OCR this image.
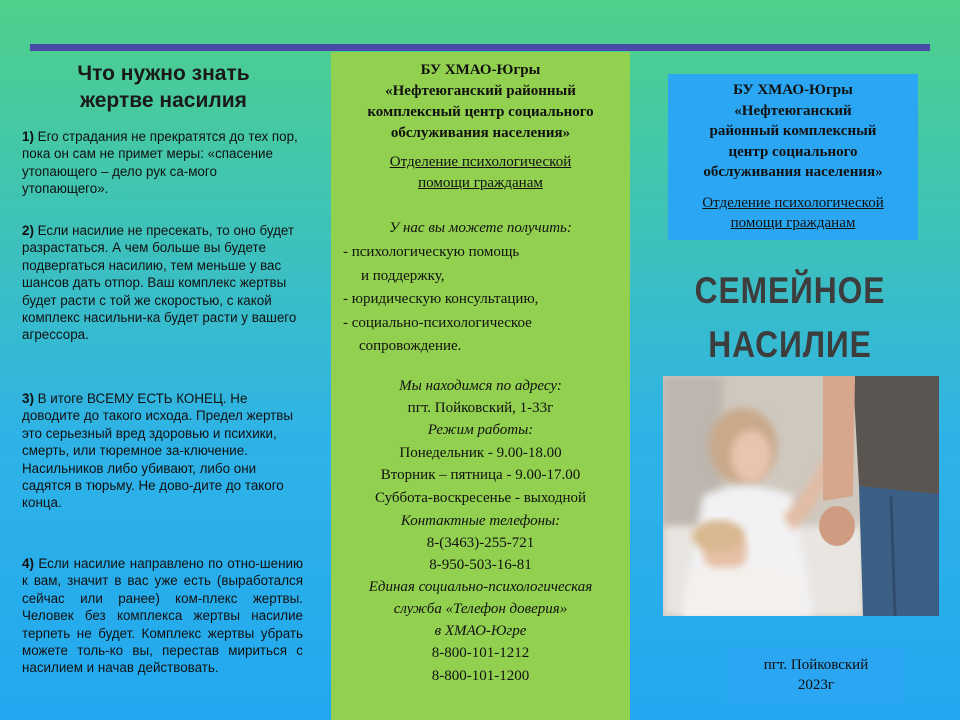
Что нужно знать
жертве насилия
1) Его страдания не прекратятся до тех пор, пока он сам не примет меры: «спасение утопающего – дело рук са-мого утопающего».
2) Если насилие не пресекать, то оно будет разрастаться. А чем больше вы будете подвергаться насилию, тем меньше у вас шансов дать отпор. Ваш комплекс жертвы будет расти с той же скоростью, с какой комплекс насильни-ка будет расти у вашего агрессора.
3) В итоге ВСЕМУ ЕСТЬ КОНЕЦ. Не доводите до такого исхода. Предел жертвы это серьезный вред здоровью и психики, смерть, или тюремное за-ключение. Насильников либо убивают, либо они садятся в тюрьму. Не дово-дите до такого конца.
4) Если насилие направлено по отно-шению к вам, значит в вас уже есть (выработался сейчас или ранее) ком-плекс жертвы. Человек без комплекса жертвы насилие терпеть не будет. Комплекс жертвы убрать можете толь-ко вы, перестав мириться с насилием и начав действовать.
БУ ХМАО-Югры
«Нефтеюганский районный
комплексный центр социального
обслуживания населения»
Отделение психологической
помощи гражданам
У нас вы можете получить:
- психологическую помощь
и поддержку,
- юридическую консультацию,
- социально-психологическое
сопровождение.
Мы находимся по адресу:
пгт. Пойковский, 1-33г
Режим работы:
Понедельник - 9.00-18.00
Вторник – пятница - 9.00-17.00
Суббота-воскресенье - выходной
Контактные телефоны:
8-(3463)-255-721
8-950-503-16-81
Единая социально-психологическая
служба «Телефон доверия»
в ХМАО-Югре
8-800-101-1212
8-800-101-1200
БУ ХМАО-Югры
«Нефтеюганский
районный комплексный
центр социального
обслуживания населения»
Отделение психологической
помощи гражданам
СЕМЕЙНОЕ
НАСИЛИЕ
пгт. Пойковский
2023г
